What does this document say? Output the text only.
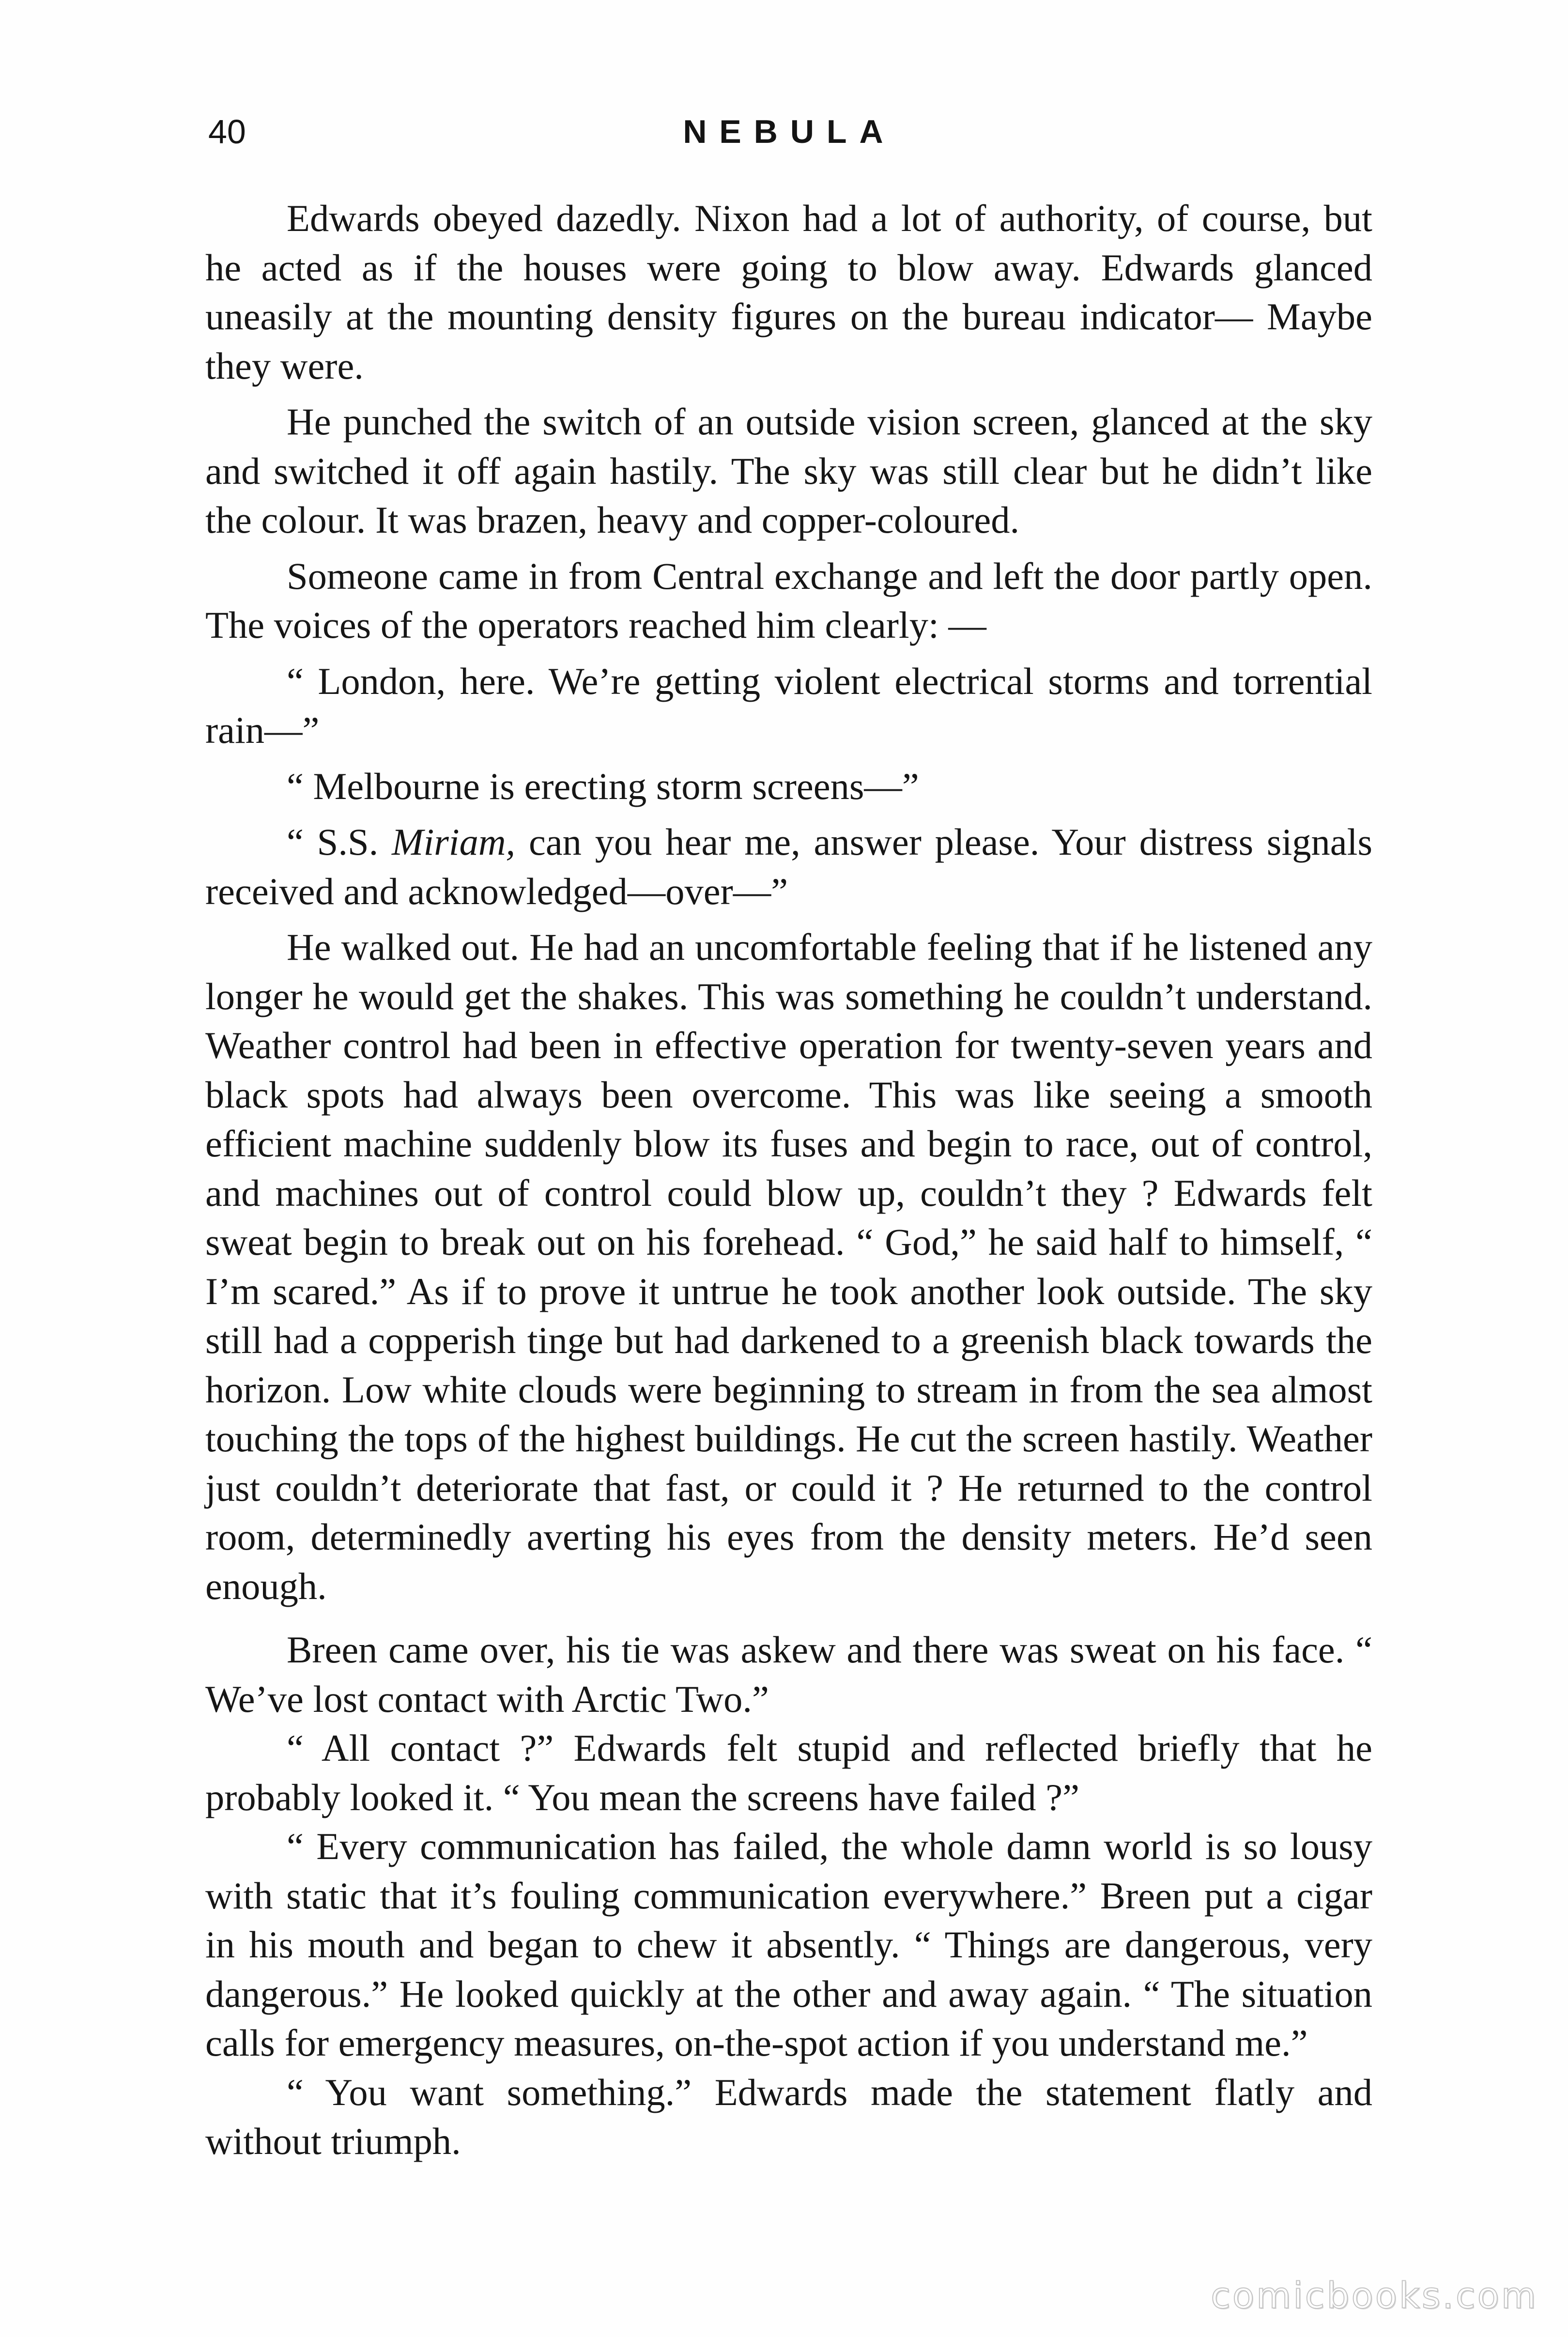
40	NEBULA

Edwards obeyed dazedly. Nixon had a lot of authority, of course, but he acted as if the houses were going to blow away. Edwards glanced uneasily at the mounting density figures on the bureau indicator— Maybe they were.

He punched the switch of an outside vision screen, glanced at the sky and switched it off again hastily. The sky was still clear but he didn’t like the colour. It was brazen, heavy and copper-coloured.

Someone came in from Central exchange and left the door partly open. The voices of the operators reached him clearly: —

“ London, here. We’re getting violent electrical storms and torrential rain—”

“ Melbourne is erecting storm screens—”

“ S.S. Miriam, can you hear me, answer please. Your distress signals received and acknowledged—over—”

He walked out. He had an uncomfortable feeling that if he listened any longer he would get the shakes. This was something he couldn’t understand. Weather control had been in effective operation for twenty-seven years and black spots had always been overcome. This was like seeing a smooth efficient machine suddenly blow its fuses and begin to race, out of control, and machines out of control could blow up, couldn’t they ? Edwards felt sweat begin to break out on his forehead. “ God,” he said half to himself, “ I’m scared.” As if to prove it untrue he took another look outside. The sky still had a copperish tinge but had darkened to a greenish black towards the horizon. Low white clouds were beginning to stream in from the sea almost touching the tops of the highest buildings. He cut the screen hastily. Weather just couldn’t deteriorate that fast, or could it ? He returned to the control room, determinedly averting his eyes from the density meters. He’d seen enough.

Breen came over, his tie was askew and there was sweat on his face. “ We’ve lost contact with Arctic Two.”

“ All contact ?” Edwards felt stupid and reflected briefly that he probably looked it. “ You mean the screens have failed ?”

“ Every communication has failed, the whole damn world is so lousy with static that it’s fouling communication everywhere.” Breen put a cigar in his mouth and began to chew it absently. “ Things are dangerous, very dangerous.” He looked quickly at the other and away again. “ The situation calls for emergency measures, on-the-spot action if you understand me.”

“ You want something.” Edwards made the statement flatly and without triumph.

comicbooks.com
